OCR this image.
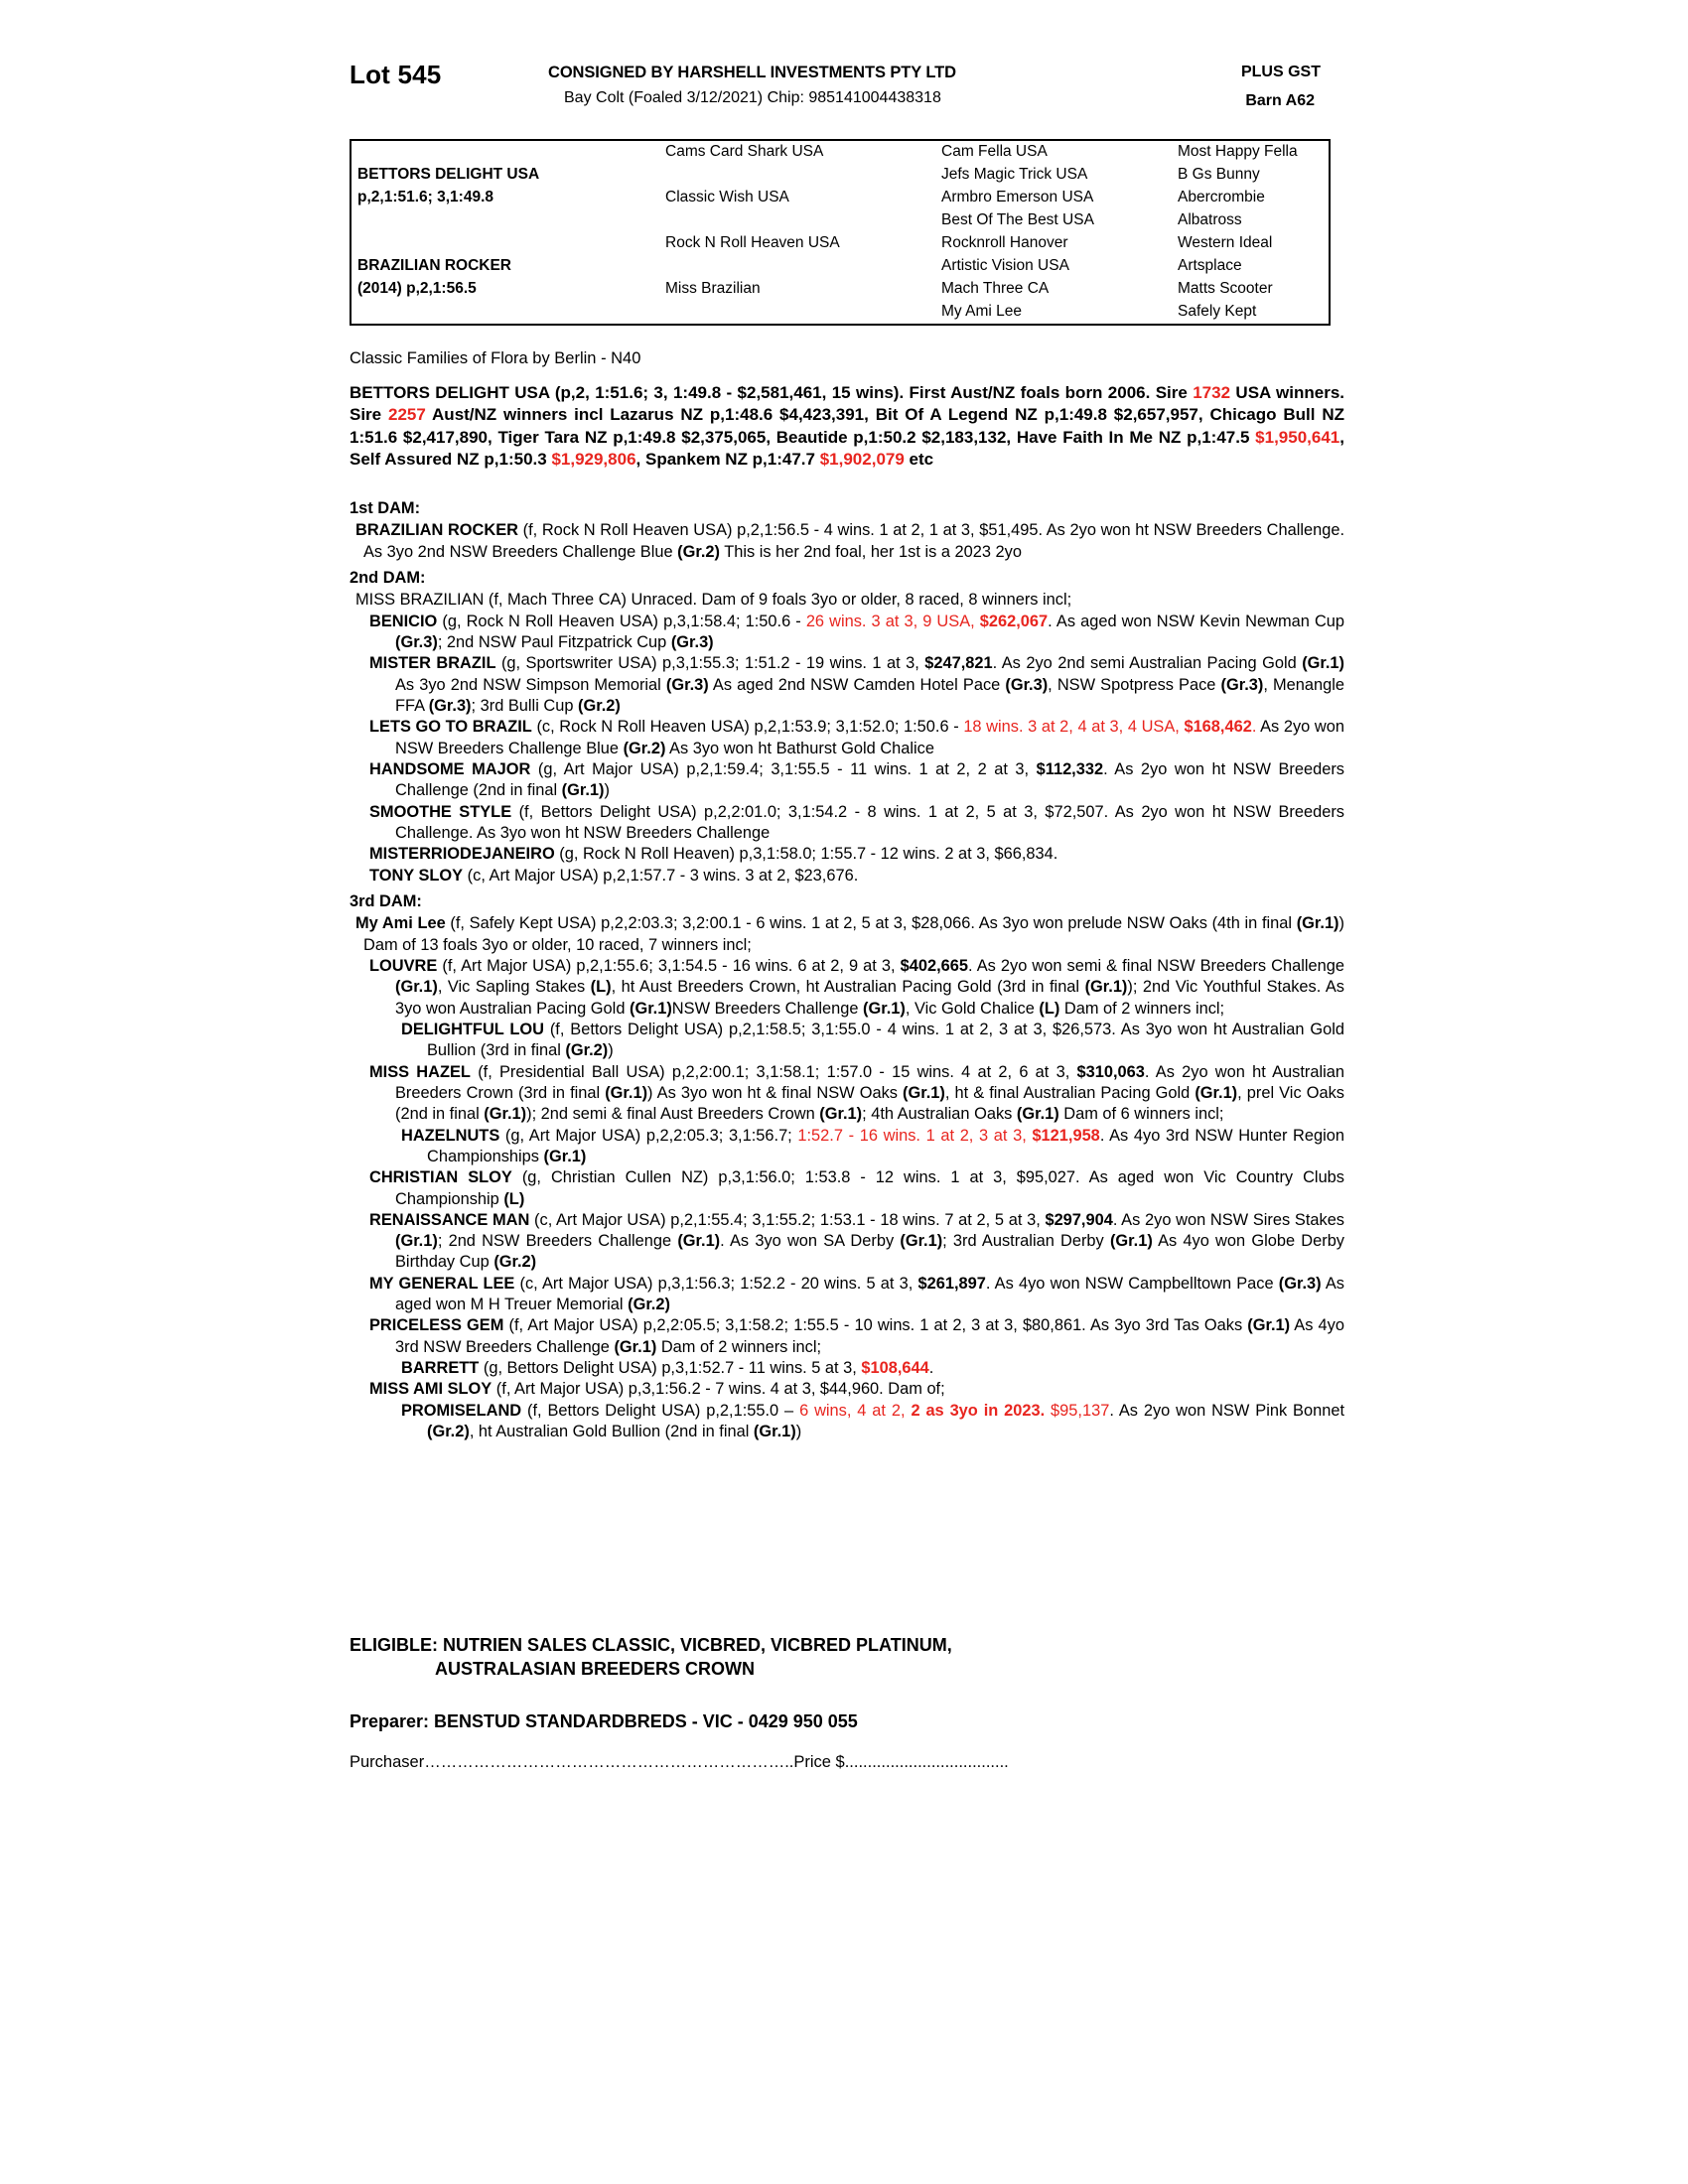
Lot 545	CONSIGNED BY HARSHELL INVESTMENTS PTY LTD	PLUS GST
Bay Colt (Foaled 3/12/2021) Chip: 985141004438318	Barn A62
	Cams Card Shark USA	Cam Fella USA	Most Happy Fella
BETTORS DELIGHT USA		Jefs Magic Trick USA	B Gs Bunny
p,2,1:51.6; 3,1:49.8	Classic Wish USA	Armbro Emerson USA	Abercrombie
		Best Of The Best USA	Albatross
	Rock N Roll Heaven USA	Rocknroll Hanover	Western Ideal
BRAZILIAN ROCKER		Artistic Vision USA	Artsplace
(2014) p,2,1:56.5	Miss Brazilian	Mach Three CA	Matts Scooter
		My Ami Lee	Safely Kept
Classic Families of Flora by Berlin - N40
BETTORS DELIGHT USA (p,2, 1:51.6; 3, 1:49.8 - $2,581,461, 15 wins). First Aust/NZ foals born 2006. Sire 1732 USA winners. Sire 2257 Aust/NZ winners incl Lazarus NZ p,1:48.6 $4,423,391, Bit Of A Legend NZ p,1:49.8 $2,657,957, Chicago Bull NZ 1:51.6 $2,417,890, Tiger Tara NZ p,1:49.8 $2,375,065, Beautide p,1:50.2 $2,183,132, Have Faith In Me NZ p,1:47.5 $1,950,641, Self Assured NZ p,1:50.3 $1,929,806, Spankem NZ p,1:47.7 $1,902,079 etc
1st DAM:

BRAZILIAN ROCKER (f, Rock N Roll Heaven USA) p,2,1:56.5 - 4 wins. 1 at 2, 1 at 3, $51,495. As 2yo won ht NSW Breeders Challenge. As 3yo 2nd NSW Breeders Challenge Blue (Gr.2) This is her 2nd foal, her 1st is a 2023 2yo

2nd DAM:

MISS BRAZILIAN (f, Mach Three CA) Unraced. Dam of 9 foals 3yo or older, 8 raced, 8 winners incl;

BENICIO (g, Rock N Roll Heaven USA) p,3,1:58.4; 1:50.6 - 26 wins. 3 at 3, 9 USA, $262,067. As aged won NSW Kevin Newman Cup (Gr.3); 2nd NSW Paul Fitzpatrick Cup (Gr.3)

MISTER BRAZIL (g, Sportswriter USA) p,3,1:55.3; 1:51.2 - 19 wins. 1 at 3, $247,821. As 2yo 2nd semi Australian Pacing Gold (Gr.1) As 3yo 2nd NSW Simpson Memorial (Gr.3) As aged 2nd NSW Camden Hotel Pace (Gr.3), NSW Spotpress Pace (Gr.3), Menangle FFA (Gr.3); 3rd Bulli Cup (Gr.2)

LETS GO TO BRAZIL (c, Rock N Roll Heaven USA) p,2,1:53.9; 3,1:52.0; 1:50.6 - 18 wins. 3 at 2, 4 at 3, 4 USA, $168,462. As 2yo won NSW Breeders Challenge Blue (Gr.2) As 3yo won ht Bathurst Gold Chalice

HANDSOME MAJOR (g, Art Major USA) p,2,1:59.4; 3,1:55.5 - 11 wins. 1 at 2, 2 at 3, $112,332. As 2yo won ht NSW Breeders Challenge (2nd in final (Gr.1))

SMOOTHE STYLE (f, Bettors Delight USA) p,2,2:01.0; 3,1:54.2 - 8 wins. 1 at 2, 5 at 3, $72,507. As 2yo won ht NSW Breeders Challenge. As 3yo won ht NSW Breeders Challenge

MISTERRIODEJANEIRO (g, Rock N Roll Heaven) p,3,1:58.0; 1:55.7 - 12 wins. 2 at 3, $66,834.

TONY SLOY (c, Art Major USA) p,2,1:57.7 - 3 wins. 3 at 2, $23,676.

3rd DAM:

My Ami Lee (f, Safely Kept USA) p,2,2:03.3; 3,2:00.1 - 6 wins. 1 at 2, 5 at 3, $28,066. As 3yo won prelude NSW Oaks (4th in final (Gr.1)) Dam of 13 foals 3yo or older, 10 raced, 7 winners incl;

LOUVRE (f, Art Major USA) p,2,1:55.6; 3,1:54.5 - 16 wins. 6 at 2, 9 at 3, $402,665. As 2yo won semi & final NSW Breeders Challenge (Gr.1), Vic Sapling Stakes (L), ht Aust Breeders Crown, ht Australian Pacing Gold (3rd in final (Gr.1)); 2nd Vic Youthful Stakes. As 3yo won Australian Pacing Gold (Gr.1)NSW Breeders Challenge (Gr.1), Vic Gold Chalice (L) Dam of 2 winners incl;

DELIGHTFUL LOU (f, Bettors Delight USA) p,2,1:58.5; 3,1:55.0 - 4 wins. 1 at 2, 3 at 3, $26,573. As 3yo won ht Australian Gold Bullion (3rd in final (Gr.2))

MISS HAZEL (f, Presidential Ball USA) p,2,2:00.1; 3,1:58.1; 1:57.0 - 15 wins. 4 at 2, 6 at 3, $310,063. As 2yo won ht Australian Breeders Crown (3rd in final (Gr.1)) As 3yo won ht & final NSW Oaks (Gr.1), ht & final Australian Pacing Gold (Gr.1), prel Vic Oaks (2nd in final (Gr.1)); 2nd semi & final Aust Breeders Crown (Gr.1); 4th Australian Oaks (Gr.1) Dam of 6 winners incl;

HAZELNUTS (g, Art Major USA) p,2,2:05.3; 3,1:56.7; 1:52.7 - 16 wins. 1 at 2, 3 at 3, $121,958. As 4yo 3rd NSW Hunter Region Championships (Gr.1)

CHRISTIAN SLOY (g, Christian Cullen NZ) p,3,1:56.0; 1:53.8 - 12 wins. 1 at 3, $95,027. As aged won Vic Country Clubs Championship (L)

RENAISSANCE MAN (c, Art Major USA) p,2,1:55.4; 3,1:55.2; 1:53.1 - 18 wins. 7 at 2, 5 at 3, $297,904. As 2yo won NSW Sires Stakes (Gr.1); 2nd NSW Breeders Challenge (Gr.1). As 3yo won SA Derby (Gr.1); 3rd Australian Derby (Gr.1) As 4yo won Globe Derby Birthday Cup (Gr.2)

MY GENERAL LEE (c, Art Major USA) p,3,1:56.3; 1:52.2 - 20 wins. 5 at 3, $261,897. As 4yo won NSW Campbelltown Pace (Gr.3) As aged won M H Treuer Memorial (Gr.2)

PRICELESS GEM (f, Art Major USA) p,2,2:05.5; 3,1:58.2; 1:55.5 - 10 wins. 1 at 2, 3 at 3, $80,861. As 3yo 3rd Tas Oaks (Gr.1) As 4yo 3rd NSW Breeders Challenge (Gr.1) Dam of 2 winners incl;

BARRETT (g, Bettors Delight USA) p,3,1:52.7 - 11 wins. 5 at 3, $108,644.

MISS AMI SLOY (f, Art Major USA) p,3,1:56.2 - 7 wins. 4 at 3, $44,960. Dam of;

PROMISELAND (f, Bettors Delight USA) p,2,1:55.0 – 6 wins, 4 at 2, 2 as 3yo in 2023. $95,137. As 2yo won NSW Pink Bonnet (Gr.2), ht Australian Gold Bullion (2nd in final (Gr.1))

ELIGIBLE: NUTRIEN SALES CLASSIC, VICBRED, VICBRED PLATINUM,
AUSTRALASIAN BREEDERS CROWN
Preparer: BENSTUD STANDARDBREDS - VIC - 0429 950 055
Purchaser…………………………………………………………..Price $....................................
